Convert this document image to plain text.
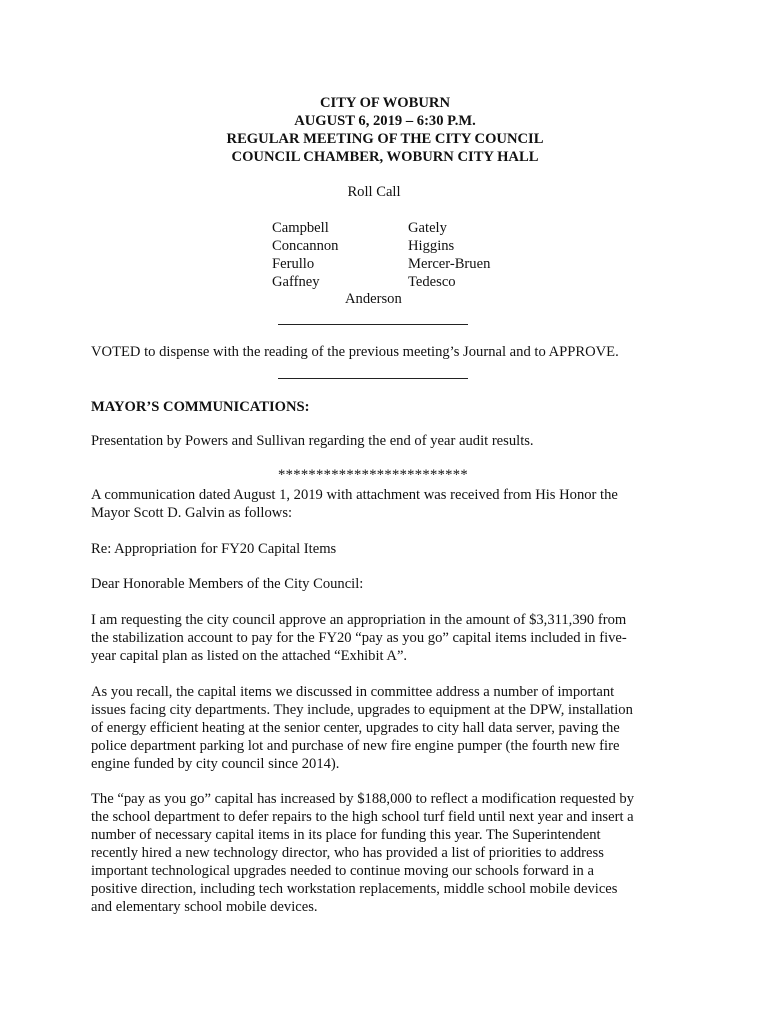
CITY OF WOBURN
AUGUST 6, 2019 – 6:30 P.M.
REGULAR MEETING OF THE CITY COUNCIL
COUNCIL CHAMBER, WOBURN CITY HALL
Roll Call
Campbell
Concannon
Ferullo
Gaffney
Gately
Higgins
Mercer-Bruen
Tedesco
Anderson
VOTED to dispense with the reading of the previous meeting’s Journal and to APPROVE.
MAYOR’S COMMUNICATIONS:
Presentation by Powers and Sullivan regarding the end of year audit results.
*************************
A communication dated August 1, 2019 with attachment was received from His Honor the
Mayor Scott D. Galvin as follows:
Re: Appropriation for FY20 Capital Items
Dear Honorable Members of the City Council:
I am requesting the city council approve an appropriation in the amount of $3,311,390 from
the stabilization account to pay for the FY20 “pay as you go” capital items included in five-
year capital plan as listed on the attached “Exhibit A”.
As you recall, the capital items we discussed in committee address a number of important
issues facing city departments. They include, upgrades to equipment at the DPW, installation
of energy efficient heating at the senior center, upgrades to city hall data server, paving the
police department parking lot and purchase of new fire engine pumper (the fourth new fire
engine funded by city council since 2014).
The “pay as you go” capital has increased by $188,000 to reflect a modification requested by
the school department to defer repairs to the high school turf field until next year and insert a
number of necessary capital items in its place for funding this year. The Superintendent
recently hired a new technology director, who has provided a list of priorities to address
important technological upgrades needed to continue moving our schools forward in a
positive direction, including tech workstation replacements, middle school mobile devices
and elementary school mobile devices.
